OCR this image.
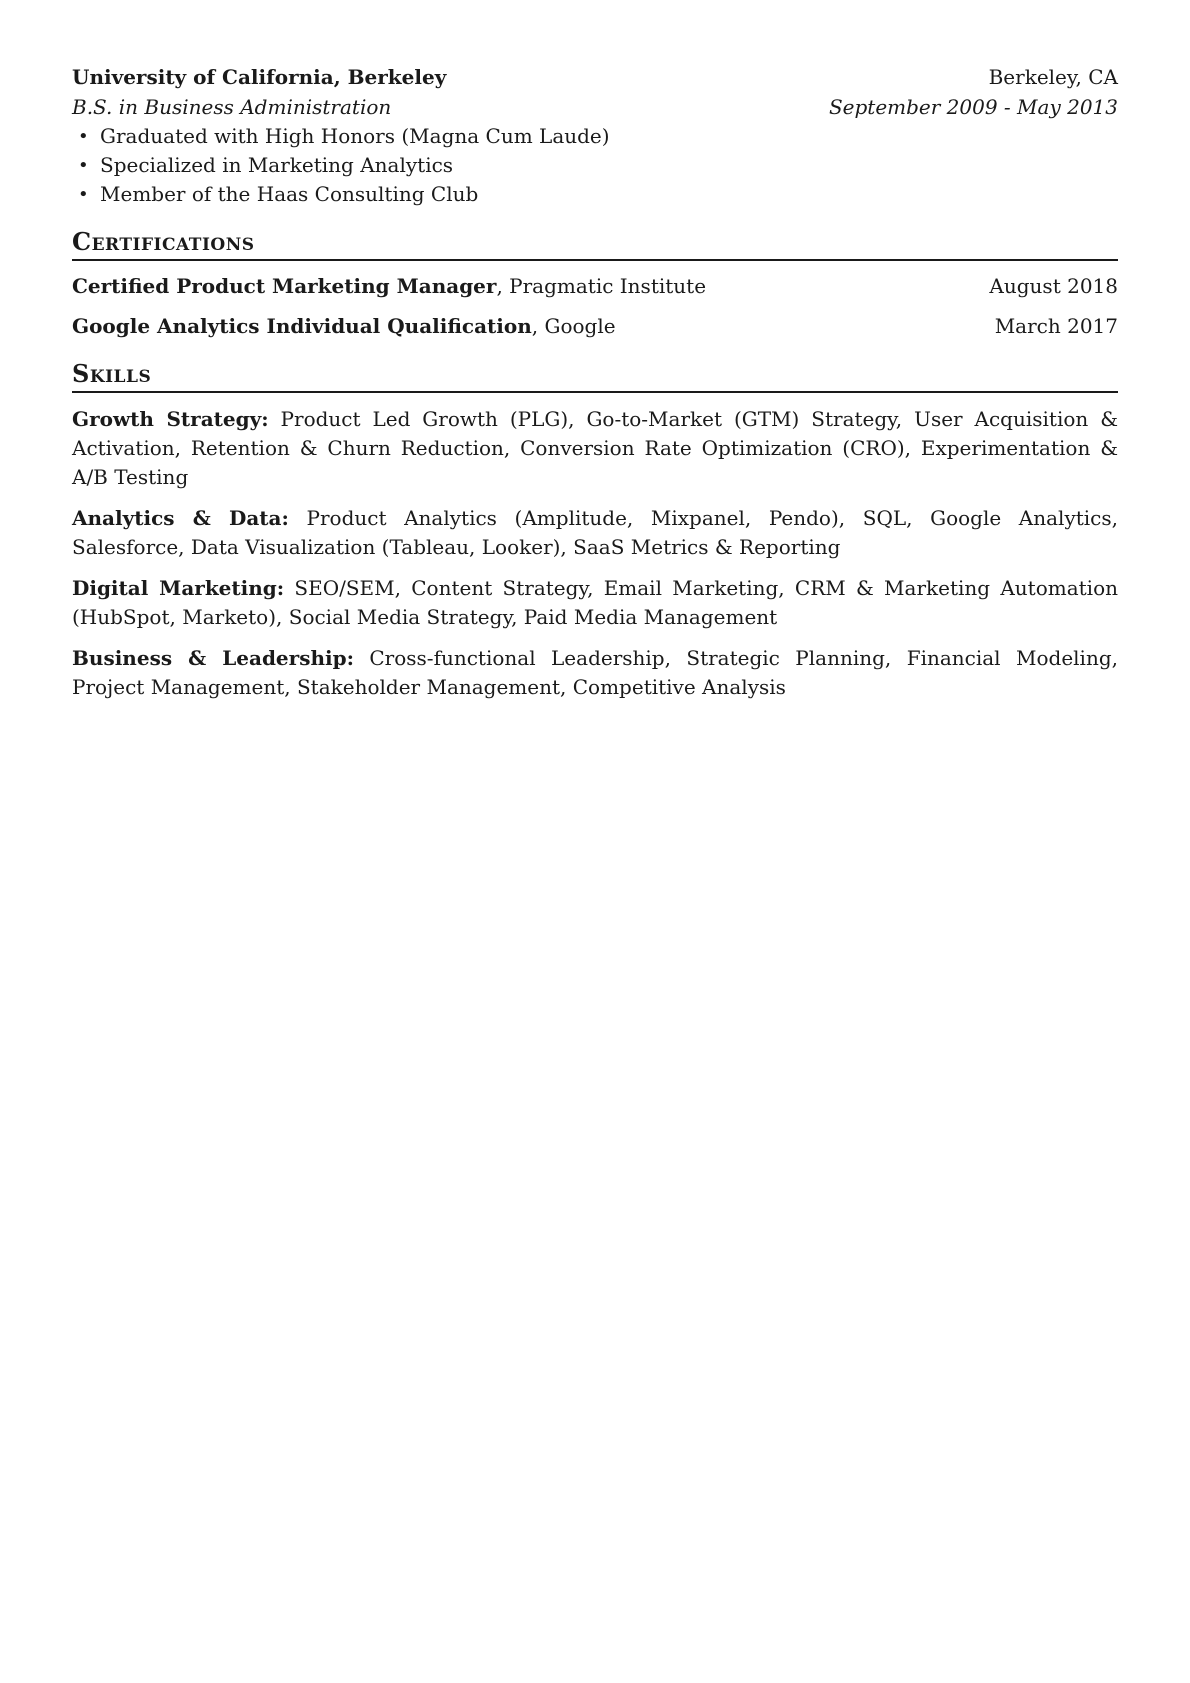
University of California, Berkeley	Berkeley, CA
B.S. in Business Administration	September 2009 - May 2013
• Graduated with High Honors (Magna Cum Laude)
• Specialized in Marketing Analytics
• Member of the Haas Consulting Club
Certifications
Certified Product Marketing Manager, Pragmatic Institute	August 2018
Google Analytics Individual Qualification, Google	March 2017
Skills
Growth Strategy: Product Led Growth (PLG), Go-to-Market (GTM) Strategy, User Acquisition & Activation, Retention & Churn Reduction, Conversion Rate Optimization (CRO), Experimentation & A/B Testing
Analytics & Data: Product Analytics (Amplitude, Mixpanel, Pendo), SQL, Google Analytics, Salesforce, Data Visualization (Tableau, Looker), SaaS Metrics & Reporting
Digital Marketing: SEO/SEM, Content Strategy, Email Marketing, CRM & Marketing Automation (HubSpot, Marketo), Social Media Strategy, Paid Media Management
Business & Leadership: Cross-functional Leadership, Strategic Planning, Financial Modeling, Project Management, Stakeholder Management, Competitive Analysis
